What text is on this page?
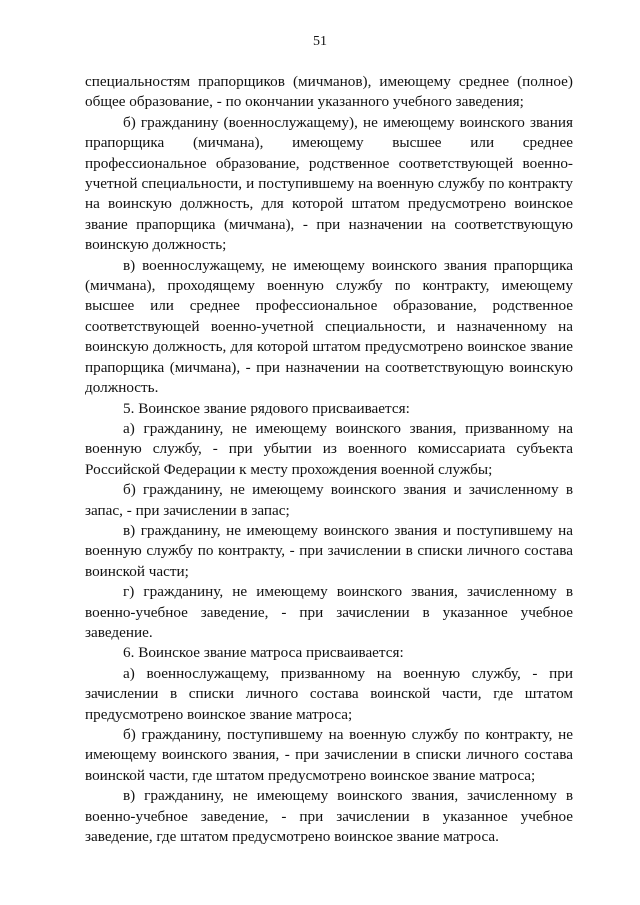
51

специальностям прапорщиков (мичманов), имеющему среднее (полное) общее образование, - по окончании указанного учебного заведения;

б) гражданину (военнослужащему), не имеющему воинского звания прапорщика (мичмана), имеющему высшее или среднее профессиональное образование, родственное соответствующей военно-учетной специальности, и поступившему на военную службу по контракту на воинскую должность, для которой штатом предусмотрено воинское звание прапорщика (мичмана), - при назначении на соответствующую воинскую должность;

в) военнослужащему, не имеющему воинского звания прапорщика (мичмана), проходящему военную службу по контракту, имеющему высшее или среднее профессиональное образование, родственное соответствующей военно-учетной специальности, и назначенному на воинскую должность, для которой штатом предусмотрено воинское звание прапорщика (мичмана), - при назначении на соответствующую воинскую должность.

5. Воинское звание рядового присваивается:

а) гражданину, не имеющему воинского звания, призванному на военную службу, - при убытии из военного комиссариата субъекта Российской Федерации к месту прохождения военной службы;

б) гражданину, не имеющему воинского звания и зачисленному в запас, - при зачислении в запас;

в) гражданину, не имеющему воинского звания и поступившему на военную службу по контракту, - при зачислении в списки личного состава воинской части;

г) гражданину, не имеющему воинского звания, зачисленному в военно-учебное заведение, - при зачислении в указанное учебное заведение.

6. Воинское звание матроса присваивается:

а) военнослужащему, призванному на военную службу, - при зачислении в списки личного состава воинской части, где штатом предусмотрено воинское звание матроса;

б) гражданину, поступившему на военную службу по контракту, не имеющему воинского звания, - при зачислении в списки личного состава воинской части, где штатом предусмотрено воинское звание матроса;

в) гражданину, не имеющему воинского звания, зачисленному в военно-учебное заведение, - при зачислении в указанное учебное заведение, где штатом предусмотрено воинское звание матроса.
